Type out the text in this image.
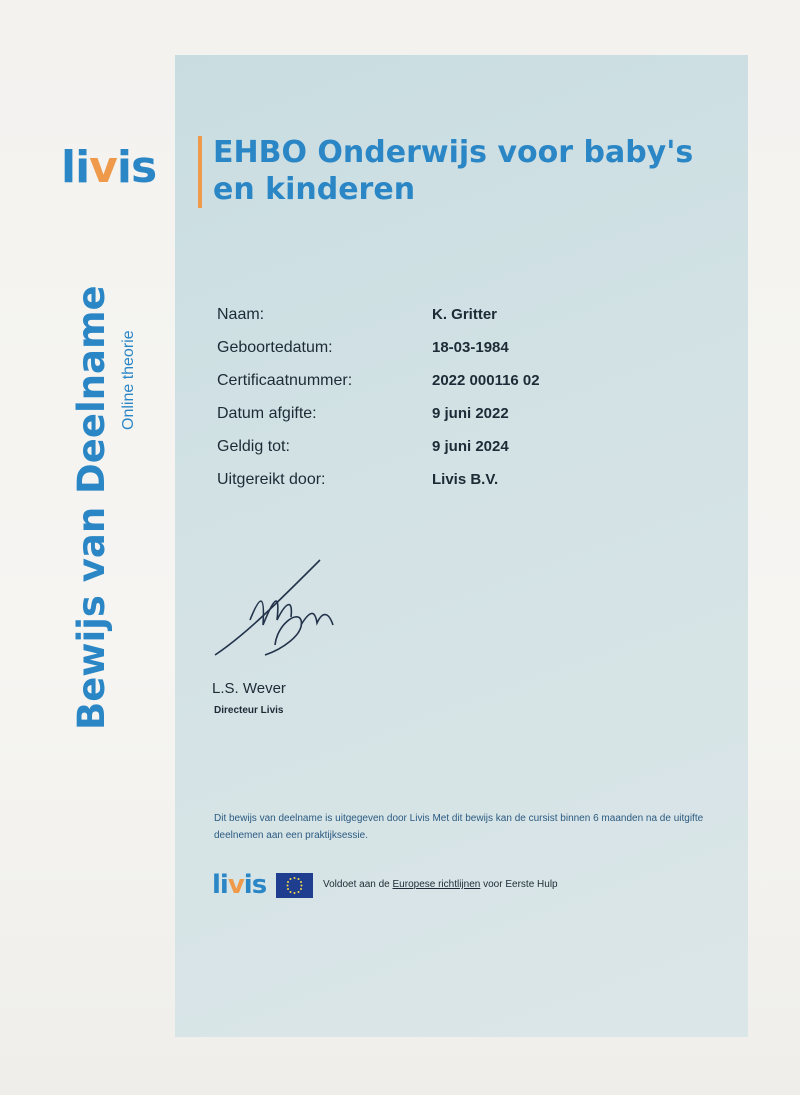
livis EHBO Onderwijs voor baby's en kinderen
Bewijs van Deelname Online theorie
Naam:	K. Gritter
Geboortedatum:	18-03-1984
Certificaatnummer:	2022 000116 02
Datum afgifte:	9 juni 2022
Geldig tot:	9 juni 2024
Uitgereikt door:	Livis B.V.
L.S. Wever
Directeur Livis

Dit bewijs van deelname is uitgegeven door Livis Met dit bewijs kan de cursist binnen 6 maanden na de uitgifte deelnemen aan een praktijksessie.

livis	Voldoet aan de Europese richtlijnen voor Eerste Hulp
